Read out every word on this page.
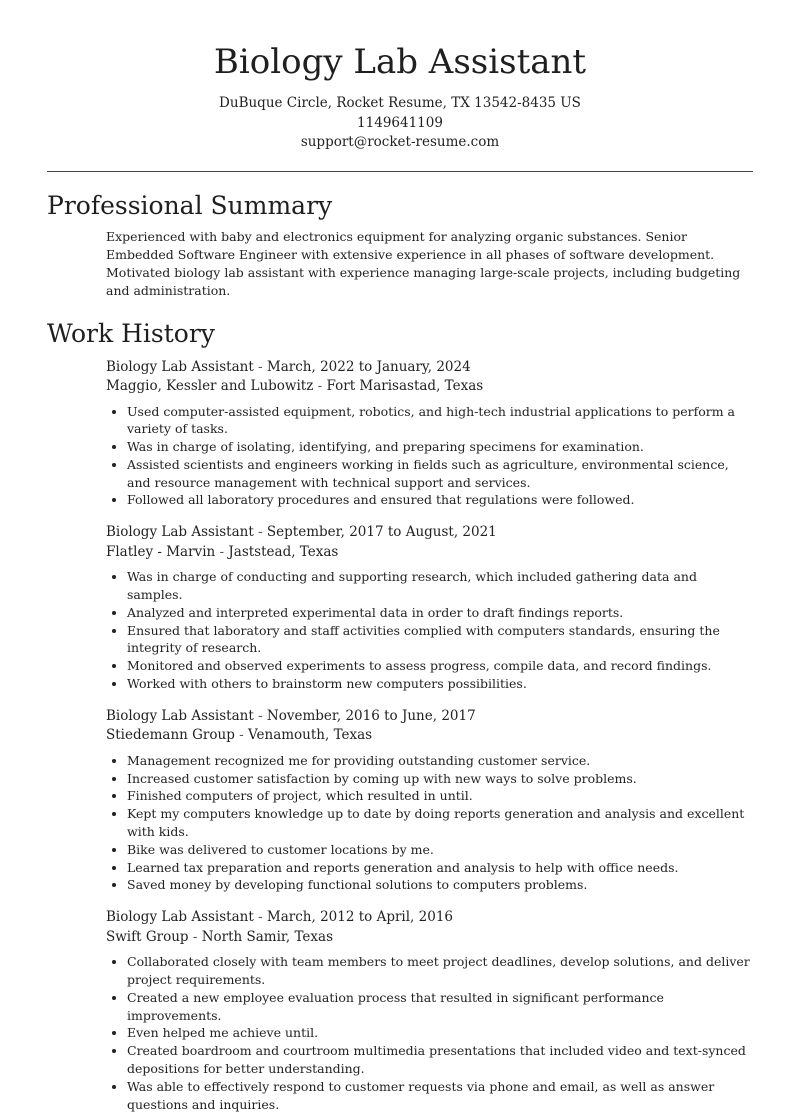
Biology Lab Assistant
DuBuque Circle, Rocket Resume, TX 13542-8435 US
1149641109
support@rocket-resume.com
Professional Summary

Experienced with baby and electronics equipment for analyzing organic substances. Senior Embedded Software Engineer with extensive experience in all phases of software development. Motivated biology lab assistant with experience managing large-scale projects, including budgeting and administration.

Work History
Biology Lab Assistant - March, 2022 to January, 2024
Maggio, Kessler and Lubowitz - Fort Marisastad, Texas
• Used computer-assisted equipment, robotics, and high-tech industrial applications to perform a variety of tasks.
• Was in charge of isolating, identifying, and preparing specimens for examination.
• Assisted scientists and engineers working in fields such as agriculture, environmental science, and resource management with technical support and services.
• Followed all laboratory procedures and ensured that regulations were followed.
Biology Lab Assistant - September, 2017 to August, 2021
Flatley - Marvin - Jaststead, Texas
• Was in charge of conducting and supporting research, which included gathering data and samples.
• Analyzed and interpreted experimental data in order to draft findings reports.
• Ensured that laboratory and staff activities complied with computers standards, ensuring the integrity of research.
• Monitored and observed experiments to assess progress, compile data, and record findings.
• Worked with others to brainstorm new computers possibilities.
Biology Lab Assistant - November, 2016 to June, 2017
Stiedemann Group - Venamouth, Texas
• Management recognized me for providing outstanding customer service.
• Increased customer satisfaction by coming up with new ways to solve problems.
• Finished computers of project, which resulted in until.
• Kept my computers knowledge up to date by doing reports generation and analysis and excellent with kids.
• Bike was delivered to customer locations by me.
• Learned tax preparation and reports generation and analysis to help with office needs.
• Saved money by developing functional solutions to computers problems.
Biology Lab Assistant - March, 2012 to April, 2016
Swift Group - North Samir, Texas
• Collaborated closely with team members to meet project deadlines, develop solutions, and deliver project requirements.
• Created a new employee evaluation process that resulted in significant performance improvements.
• Even helped me achieve until.
• Created boardroom and courtroom multimedia presentations that included video and text-synced depositions for better understanding.
• Was able to effectively respond to customer requests via phone and email, as well as answer questions and inquiries.
